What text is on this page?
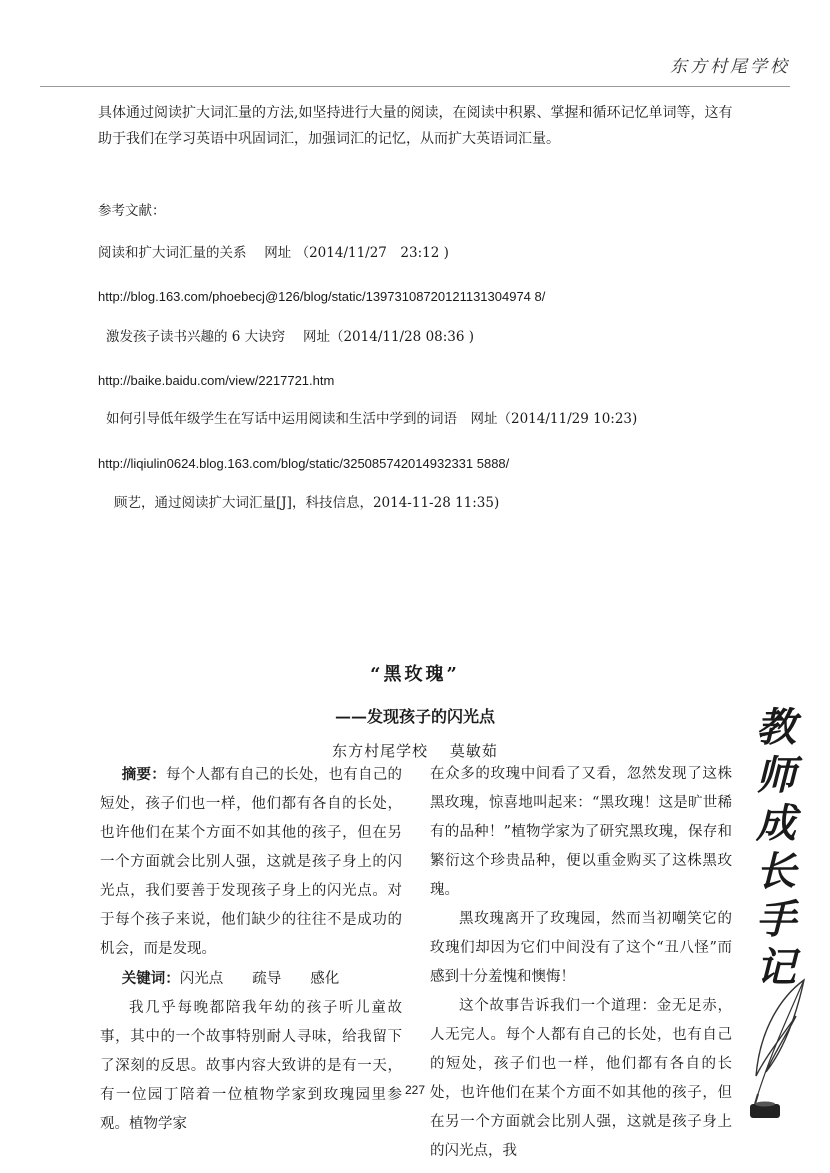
东方村尾学校

具体通过阅读扩大词汇量的方法,如坚持进行大量的阅读，在阅读中积累、掌握和循环记忆单词等，这有助于我们在学习英语中巩固词汇，加强词汇的记忆，从而扩大英语词汇量。

参考文献：

阅读和扩大词汇量的关系　 网址 （2014/11/27　23:12 )

http://blog.163.com/phoebecj@126/blog/static/13973108720121131304974 8/

激发孩子读书兴趣的 6 大诀窍　 网址（2014/11/28 08:36 )

http://baike.baidu.com/view/2217721.htm

如何引导低年级学生在写话中运用阅读和生活中学到的词语　网址（2014/11/29 10:23)

http://liqiulin0624.blog.163.com/blog/static/325085742014932331 5888/

顾艺，通过阅读扩大词汇量[J]，科技信息，2014-11-28 11:35)

“黑玫瑰”
——发现孩子的闪光点
东方村尾学校　 莫敏茹

摘要：每个人都有自己的长处，也有自己的短处，孩子们也一样，他们都有各自的长处，也许他们在某个方面不如其他的孩子，但在另一个方面就会比别人强，这就是孩子身上的闪光点，我们要善于发现孩子身上的闪光点。对于每个孩子来说，他们缺少的往往不是成功的机会，而是发现。

关键词：闪光点　　疏导　　感化

我几乎每晚都陪我年幼的孩子听儿童故事，其中的一个故事特别耐人寻味，给我留下了深刻的反思。故事内容大致讲的是有一天，有一位园丁陪着一位植物学家到玫瑰园里参观。植物学家

在众多的玫瑰中间看了又看，忽然发现了这株黑玫瑰，惊喜地叫起来：“黑玫瑰！这是旷世稀有的品种！”植物学家为了研究黑玫瑰，保存和繁衍这个珍贵品种，便以重金购买了这株黑玫瑰。

黑玫瑰离开了玫瑰园，然而当初嘲笑它的玫瑰们却因为它们中间没有了这个“丑八怪”而感到十分羞愧和懊悔！

这个故事告诉我们一个道理：金无足赤，人无完人。每个人都有自己的长处，也有自己的短处，孩子们也一样，他们都有各自的长处，也许他们在某个方面不如其他的孩子，但在另一个方面就会比别人强，这就是孩子身上的闪光点，我

教
师
成
长
手
记
227
